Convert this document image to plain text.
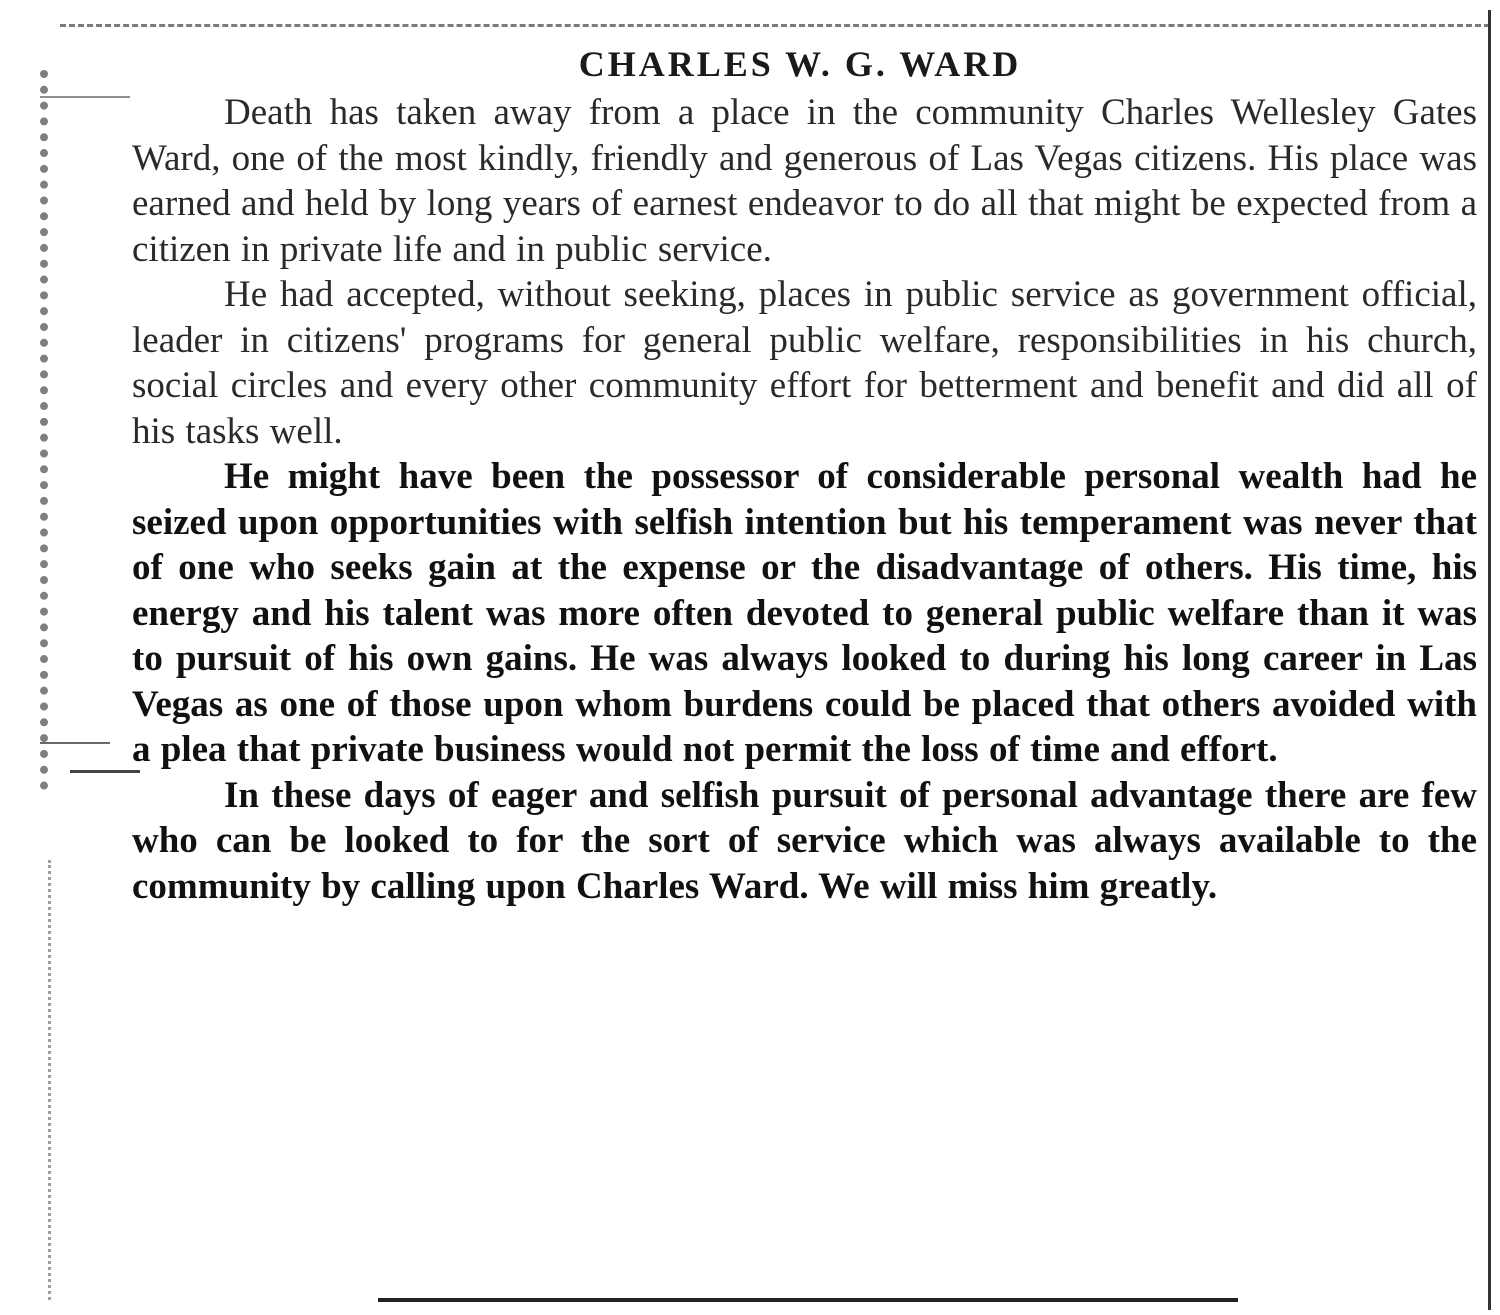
CHARLES W. G. WARD

Death has taken away from a place in the community Charles Wellesley Gates Ward, one of the most kindly, friendly and generous of Las Vegas citizens. His place was earned and held by long years of earnest endeavor to do all that might be expected from a citizen in private life and in public service.

He had accepted, without seeking, places in public service as government official, leader in citizens' programs for general public welfare, responsibilities in his church, social circles and every other community effort for betterment and benefit and did all of his tasks well.

He might have been the possessor of considerable personal wealth had he seized upon opportunities with selfish intention but his temperament was never that of one who seeks gain at the expense or the disadvantage of others. His time, his energy and his talent was more often devoted to general public welfare than it was to pursuit of his own gains. He was always looked to during his long career in Las Vegas as one of those upon whom burdens could be placed that others avoided with a plea that private business would not permit the loss of time and effort.

In these days of eager and selfish pursuit of personal advantage there are few who can be looked to for the sort of service which was always available to the community by calling upon Charles Ward. We will miss him greatly.
